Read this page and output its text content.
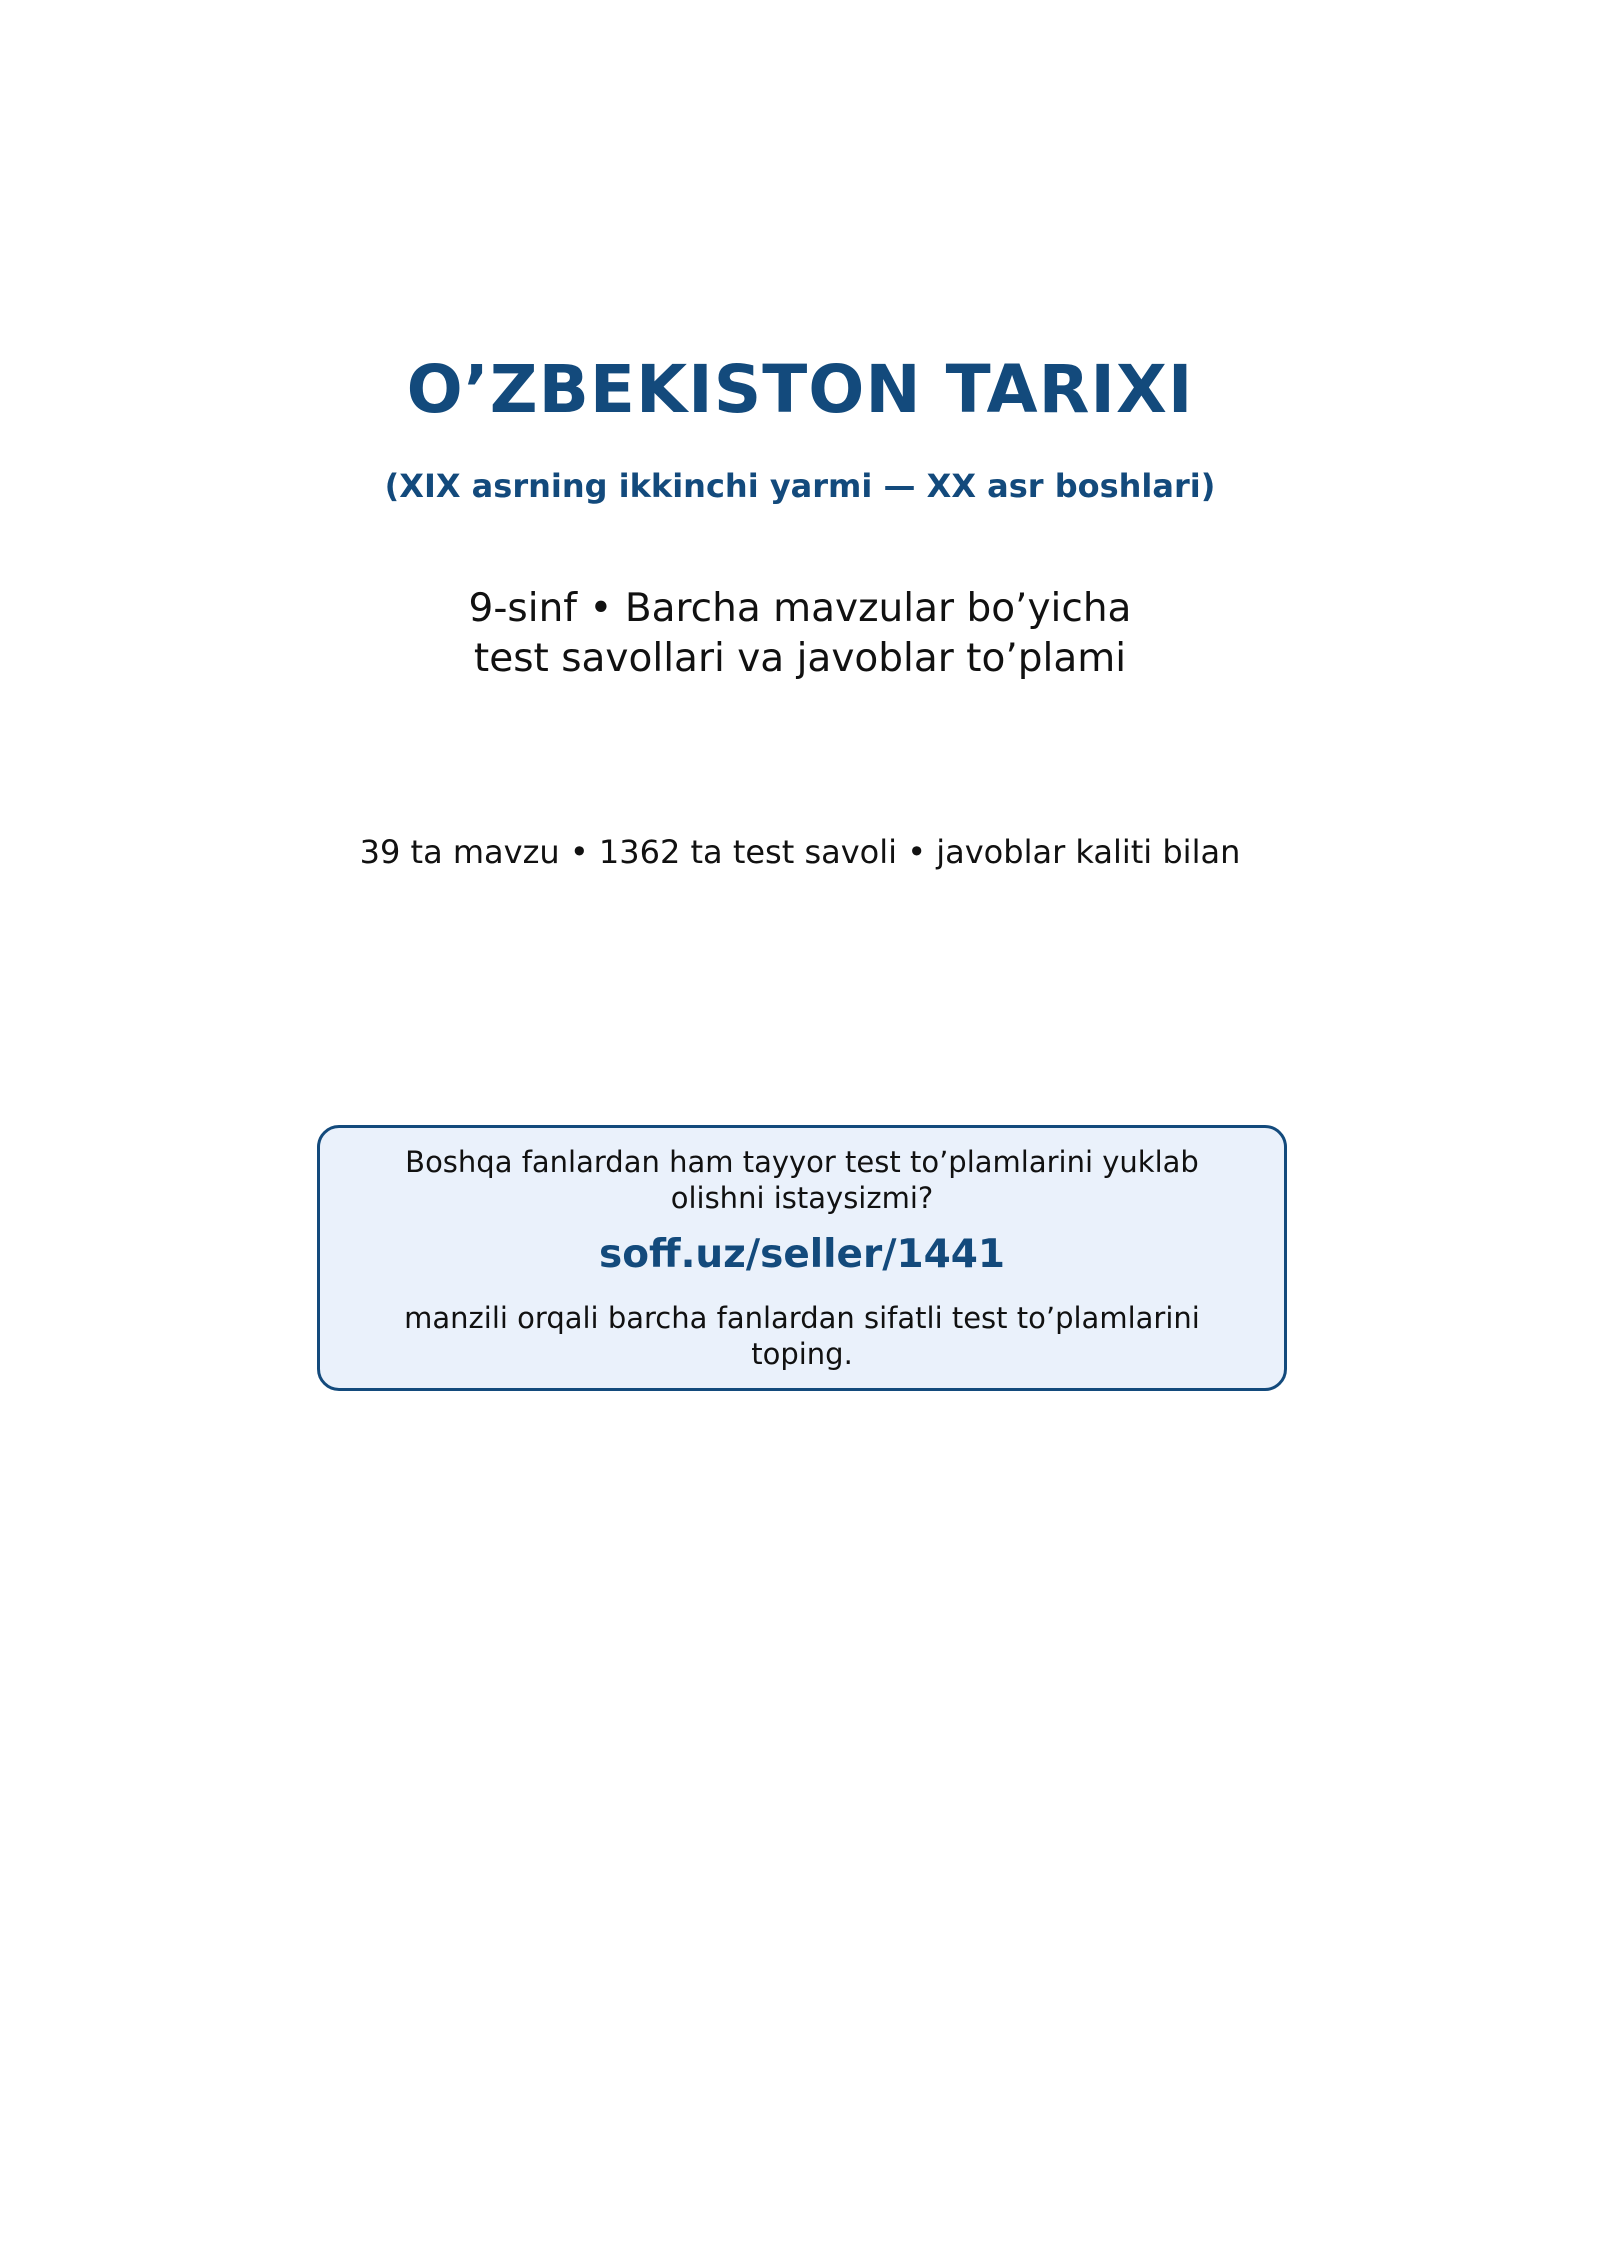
O’ZBEKISTON TARIXI
(XIX asrning ikkinchi yarmi — XX asr boshlari)
9-sinf • Barcha mavzular bo’yicha
test savollari va javoblar to’plami
39 ta mavzu • 1362 ta test savoli • javoblar kaliti bilan
Boshqa fanlardan ham tayyor test to’plamlarini yuklab
olishni istaysizmi?
soff.uz/seller/1441
manzili orqali barcha fanlardan sifatli test to’plamlarini
toping.
